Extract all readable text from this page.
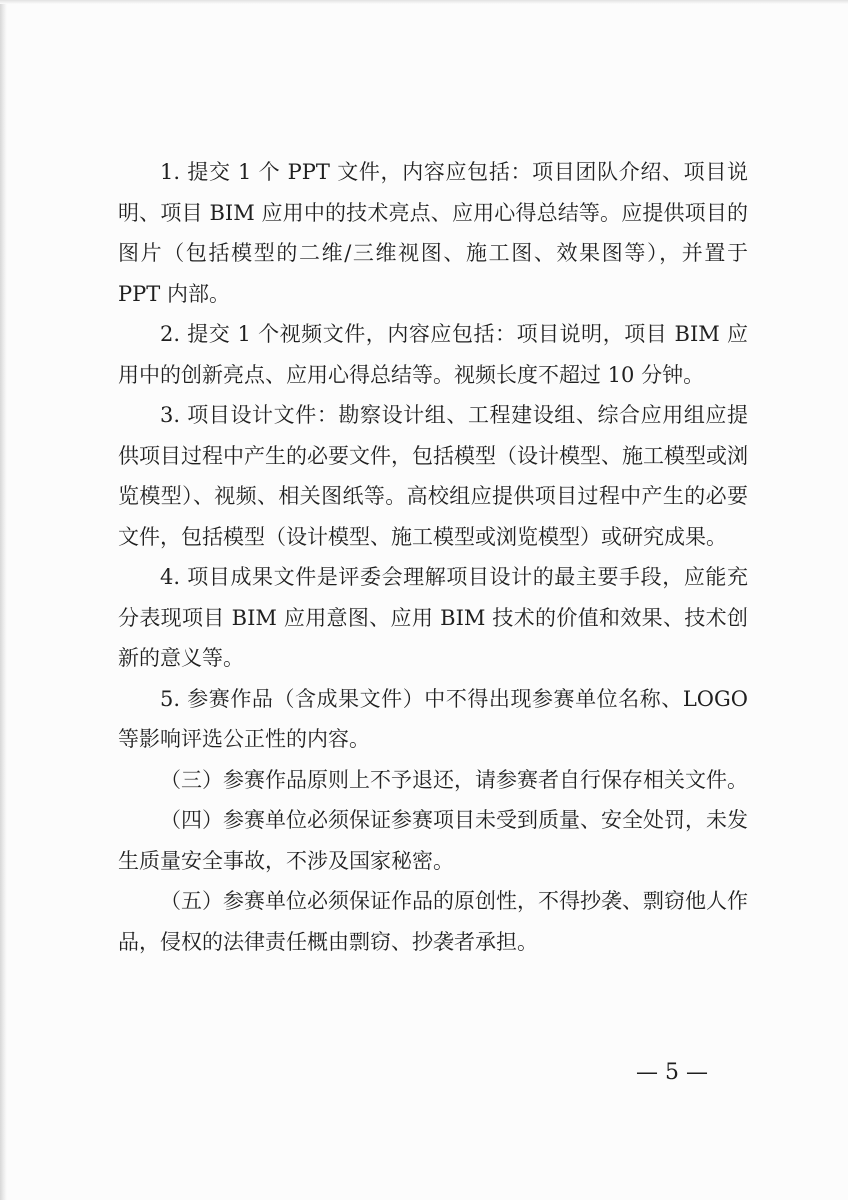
1. 提交 1 个 PPT 文件，内容应包括：项目团队介绍、项目说明、项目 BIM 应用中的技术亮点、应用心得总结等。应提供项目的图片（包括模型的二维/三维视图、施工图、效果图等），并置于 PPT 内部。

2. 提交 1 个视频文件，内容应包括：项目说明，项目 BIM 应用中的创新亮点、应用心得总结等。视频长度不超过 10 分钟。

3. 项目设计文件：勘察设计组、工程建设组、综合应用组应提供项目过程中产生的必要文件，包括模型（设计模型、施工模型或浏览模型）、视频、相关图纸等。高校组应提供项目过程中产生的必要文件，包括模型（设计模型、施工模型或浏览模型）或研究成果。

4. 项目成果文件是评委会理解项目设计的最主要手段，应能充分表现项目 BIM 应用意图、应用 BIM 技术的价值和效果、技术创新的意义等。

5. 参赛作品（含成果文件）中不得出现参赛单位名称、LOGO 等影响评选公正性的内容。

（三）参赛作品原则上不予退还，请参赛者自行保存相关文件。

（四）参赛单位必须保证参赛项目未受到质量、安全处罚，未发生质量安全事故，不涉及国家秘密。

（五）参赛单位必须保证作品的原创性，不得抄袭、剽窃他人作品，侵权的法律责任概由剽窃、抄袭者承担。

— 5 —
